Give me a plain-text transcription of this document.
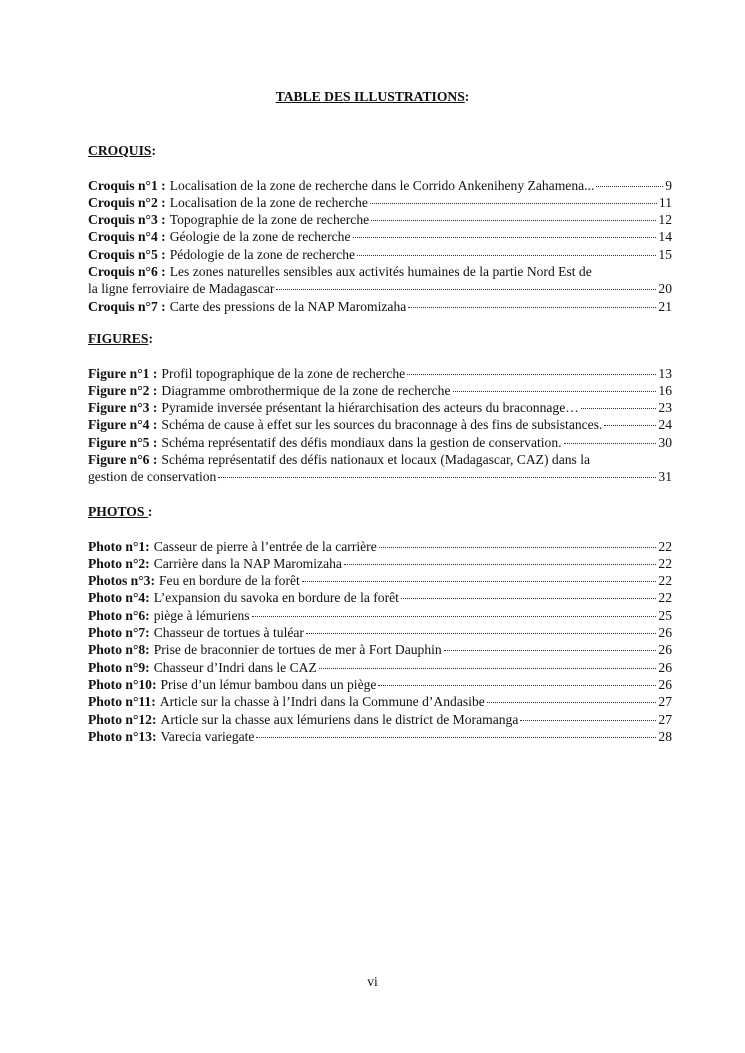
TABLE DES ILLUSTRATIONS:
CROQUIS:
Croquis n°1 : Localisation de la zone de recherche dans le Corrido Ankeniheny Zahamena...	9
Croquis n°2 : Localisation de la zone de recherche	11
Croquis n°3 : Topographie de la zone de recherche	12
Croquis n°4 : Géologie de la zone de recherche	14
Croquis n°5 : Pédologie de la zone de recherche	15
Croquis n°6 : Les zones naturelles sensibles aux activités humaines de la partie Nord Est de
la ligne ferroviaire de Madagascar	20
Croquis n°7 : Carte des pressions de la NAP Maromizaha	21
FIGURES:
Figure n°1 : Profil topographique de la zone de recherche	13
Figure n°2 : Diagramme ombrothermique de la zone de recherche	16
Figure n°3 : Pyramide inversée présentant la hiérarchisation des acteurs du braconnage…	23
Figure n°4 : Schéma de cause à effet sur les sources du braconnage à des fins de subsistances.	24
Figure n°5 : Schéma représentatif des défis mondiaux dans la gestion de conservation.	30
Figure n°6 : Schéma représentatif des défis nationaux et locaux (Madagascar, CAZ) dans la
gestion de conservation	31
PHOTOS :
Photo n°1: Casseur de pierre à l’entrée de la carrière	22
Photo n°2: Carrière dans la NAP Maromizaha	22
Photos n°3: Feu en bordure de la forêt	22
Photo n°4: L’expansion du savoka en bordure de la forêt	22
Photo n°6: piège à lémuriens	25
Photo n°7: Chasseur de tortues à tuléar	26
Photo n°8: Prise de braconnier de tortues de mer à Fort Dauphin	26
Photo n°9: Chasseur d’Indri dans le CAZ	26
Photo n°10: Prise d’un lémur bambou dans un piège	26
Photo n°11: Article sur la chasse à l’Indri dans la Commune d’Andasibe	27
Photo n°12: Article sur la chasse aux lémuriens dans le district de Moramanga	27
Photo n°13: Varecia variegate	28
vi
